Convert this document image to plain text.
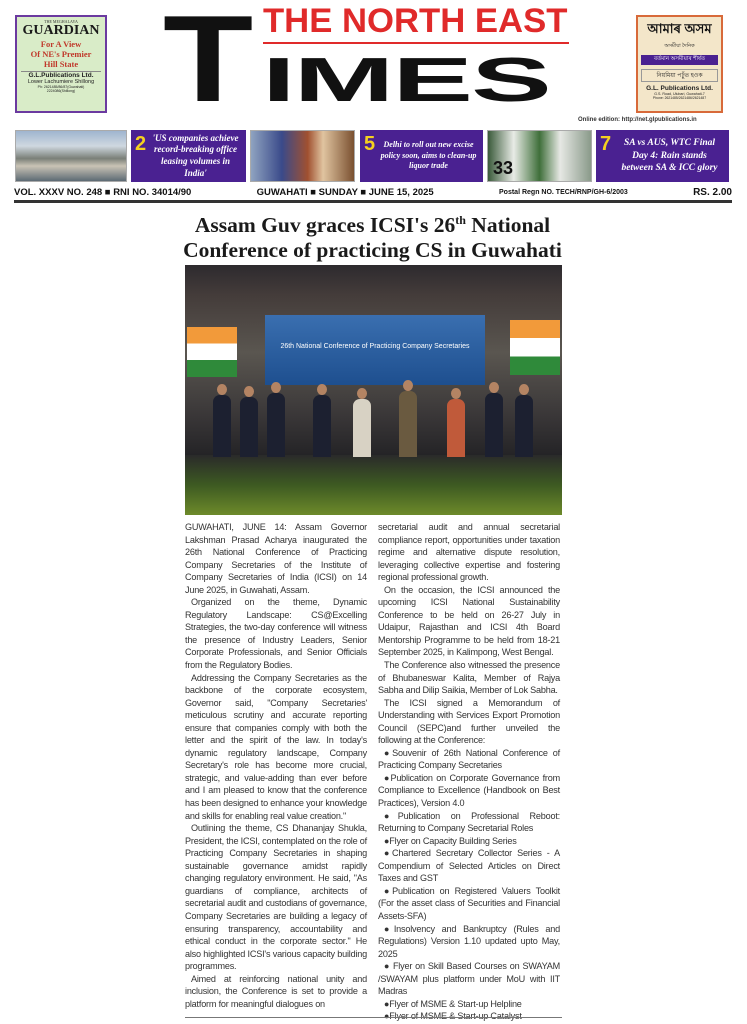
THE MEGHALAYA
GUARDIAN
For A View
Of NE's Premier
Hill State
G.L.Publications Ltd.
Lower Lachumiere Shillong
Ph: 2621485/86/87(Guwahati) 2224086(Shillong)
THE NORTH EAST
T IMES
আমাৰ অসম
অসমীয়া দৈনিক
বৰ্তমান অসমীয়াৰ শীৰ্ষত
নিয়মিয়া পঢ়ুঁত হওক
G.L. Publications Ltd.
G.S. Road, Ulubari, Guwahati-7
Phone: 2621485/2621486/2621487
Online edition: http://net.glpublications.in
2 'US companies achieve record-breaking office leasing volumes in India'
5	Delhi to roll out new excise policy soon, aims to clean-up liquor trade	33
7	SA vs AUS, WTC Final Day 4: Rain stands between SA & ICC glory
VOL. XXXV NO. 248 ■ RNI NO. 34014/90	GUWAHATI ■ SUNDAY ■ JUNE 15, 2025	Postal Regn NO. TECH/RNP/GH-6/2003	RS. 2.00
Assam Guv graces ICSI's 26th National
Conference of practicing CS in Guwahati
26th National Conference of Practicing Company Secretaries

GUWAHATI, JUNE 14: Assam Governor Lakshman Prasad Acharya inaugurated the 26th National Conference of Practicing Company Secretaries of the Institute of Company Secretaries of India (ICSI) on 14 June 2025, in Guwahati, Assam.

Organized on the theme, Dynamic Regulatory Landscape: CS@Excelling Strategies, the two-day conference will witness the presence of Industry Leaders, Senior Corporate Professionals, and Senior Officials from the Regulatory Bodies.

Addressing the Company Secretaries as the backbone of the corporate ecosystem, Governor said, "Company Secretaries' meticulous scrutiny and accurate reporting ensure that companies comply with both the letter and the spirit of the law. In today's dynamic regulatory landscape, Company Secretary's role has become more crucial, strategic, and value-adding than ever before and I am pleased to know that the conference has been designed to enhance your knowledge and skills for enabling real value creation."

Outlining the theme, CS Dhananjay Shukla, President, the ICSI, contemplated on the role of Practicing Company Secretaries in shaping sustainable governance amidst rapidly changing regulatory environment. He said, "As guardians of compliance, architects of secretarial audit and custodians of governance, Company Secretaries are building a legacy of ensuring transparency, accountability and ethical conduct in the corporate sector." He also highlighted ICSI's various capacity building programmes.

Aimed at reinforcing national unity and inclusion, the Conference is set to provide a platform for meaningful dialogues on

secretarial audit and annual secretarial compliance report, opportunities under taxation regime and alternative dispute resolution, leveraging collective expertise and fostering regional professional growth.

On the occasion, the ICSI announced the upcoming ICSI National Sustainability Conference to be held on 26-27 July in Udaipur, Rajasthan and ICSI 4th Board Mentorship Programme to be held from 18-21 September 2025, in Kalimpong, West Bengal.

The Conference also witnessed the presence of Bhubaneswar Kalita, Member of Rajya Sabha and Dilip Saikia, Member of Lok Sabha.

The ICSI signed a Memorandum of Understanding with Services Export Promotion Council (SEPC)and further unveiled the following at the Conference:

●Souvenir of 26th National Conference of Practicing Company Secretaries

●Publication on Corporate Governance from Compliance to Excellence (Handbook on Best Practices), Version 4.0

●Publication on Professional Reboot: Returning to Company Secretarial Roles

●Flyer on Capacity Building Series

●Chartered Secretary Collector Series - A Compendium of Selected Articles on Direct Taxes and GST

●Publication on Registered Valuers Toolkit (For the asset class of Securities and Financial Assets-SFA)

●Insolvency and Bankruptcy (Rules and Regulations) Version 1.10 updated upto May, 2025

● Flyer on Skill Based Courses on SWAYAM /SWAYAM plus platform under MoU with IIT Madras

●Flyer of MSME & Start-up Helpline
